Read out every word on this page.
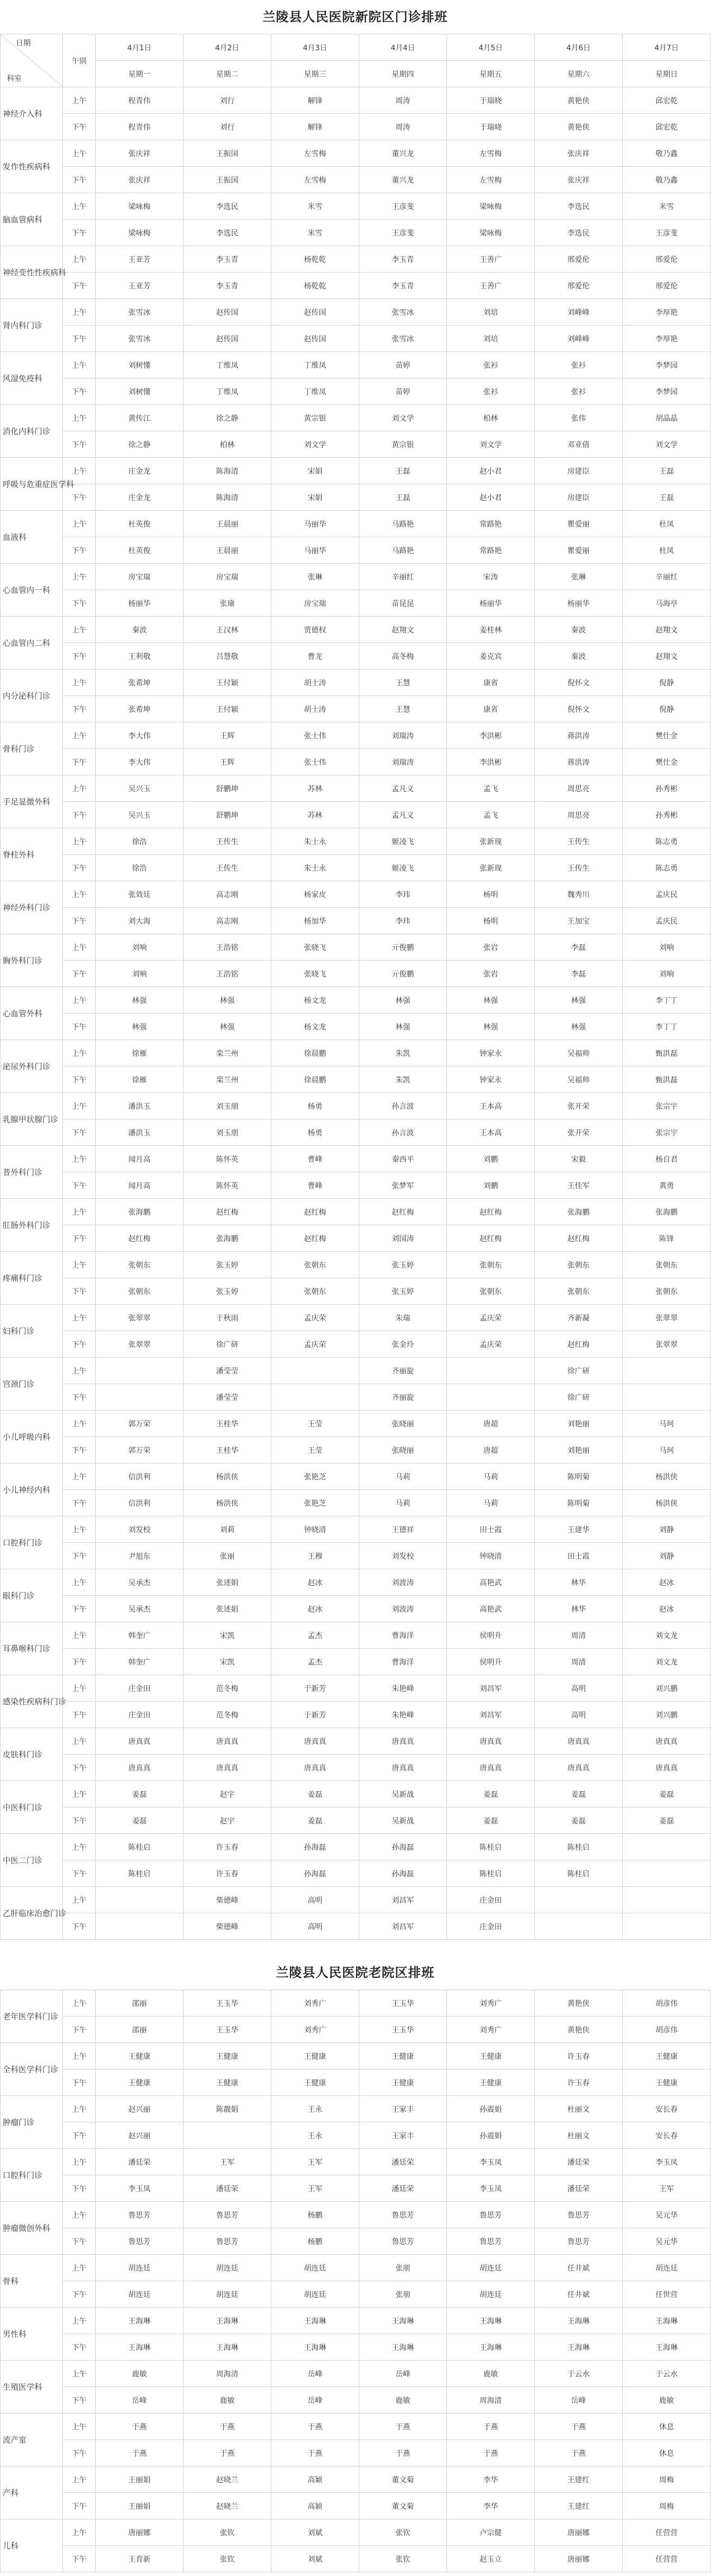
兰陵县人民医院新院区门诊排班
日期
科室	午别	4月1日	4月2日	4月3日	4月4日	4月5日	4月6日	4月7日
		星期一	星期二	星期三	星期四	星期五	星期六	星期日
神经介入科	上午	程青伟	刘行	解锋	周涛	于瑞晓	黄艳侠	邱宏乾
	下午	程青伟	刘行	解锋	周涛	于瑞晓	黄艳侠	邱宏乾
发作性疾病科	上午	张庆祥	王振国	左雪梅	董兴龙	左雪梅	张庆祥	敬乃鑫
	下午	张庆祥	王振国	左雪梅	董兴龙	左雪梅	张庆祥	敬乃鑫
脑血管病科	上午	梁咏梅	李选民	米雪	王彦斐	梁咏梅	李选民	米雪
	下午	梁咏梅	李选民	米雪	王彦斐	梁咏梅	李选民	王彦斐
神经变性性疾病科	上午	王亚芳	李玉青	杨乾乾	李玉青	王善广	邢爱伦	邢爱伦
	下午	王亚芳	李玉青	杨乾乾	李玉青	王善广	邢爱伦	邢爱伦
肾内科门诊	上午	张雪冰	赵传国	赵传国	张雪冰	刘培	刘峰峰	李厚艳
	下午	张雪冰	赵传国	赵传国	张雪冰	刘培	刘峰峰	李厚艳
风湿免疫科	上午	刘树懂	丁维凤	丁维凤	苗婷	张衫	张衫	李梦园
	下午	刘树懂	丁维凤	丁维凤	苗婷	张衫	张衫	李梦园
消化内科门诊	上午	黄传江	徐之静	黄宗银	刘文学	柏林	张伟	胡晶晶
	下午	徐之静	柏林	刘文学	黄宗银	刘文学	邓亚倩	刘文学
呼吸与危重症医学科	上午	庄金龙	陈海清	宋娟	王磊	赵小君	房建臣	王磊
	下午	庄金龙	陈海清	宋娟	王磊	赵小君	房建臣	王磊
血液科	上午	杜英俊	王晨丽	马丽华	马路艳	常路艳	瞿爱丽	杜凤
	下午	杜英俊	王晨丽	马丽华	马路艳	常路艳	瞿爱丽	杜凤
心血管内一科	上午	房宝瑞	房宝瑞	张琳	辛丽红	宋涛	张琳	辛丽红
	下午	杨丽华	张瑜	房宝瑞	苗昆昆	杨丽华	杨丽华	马海亭
心血管内二科	上午	秦波	王汉林	贾德权	赵翔文	姜桂林	秦波	赵翔文
	下午	王利敬	吕慧敬	曹龙	高冬梅	姜克宾	秦波	赵翔文
内分泌科门诊	上午	张希坤	王付颖	胡士涛	王慧	康省	倪怀文	倪静
	下午	张希坤	王付颖	胡士涛	王慧	康省	倪怀文	倪静
骨科门诊	上午	李大伟	王辉	张士伟	刘瑞涛	李洪彬	蒋洪涛	樊仕金
	下午	李大伟	王辉	张士伟	刘瑞涛	李洪彬	蒋洪涛	樊仕金
手足显微外科	上午	吴兴玉	舒鹏坤	苏林	孟凡义	孟飞	周思亮	孙秀彬
	下午	吴兴玉	舒鹏坤	苏林	孟凡义	孟飞	周思亮	孙秀彬
脊柱外科	上午	徐浩	王传生	朱士永	姬凌飞	张新现	王传生	陈志勇
	下午	徐浩	王传生	朱士永	姬凌飞	张新现	王传生	陈志勇
神经外科门诊	上午	张效廷	高志刚	杨家皮	李玮	杨明	魏秀川	孟庆民
	下午	刘大海	高志刚	杨加华	李玮	杨明	王加宝	孟庆民
胸外科门诊	上午	刘响	王浩铭	张晓飞	亓俊鹏	张岩	李磊	刘响
	下午	刘响	王浩铭	张晓飞	亓俊鹏	张岩	李磊	刘响
心血管外科	上午	林强	林强	杨文龙	林强	林强	林强	李丁丁
	下午	林强	林强	杨文龙	林强	林强	林强	李丁丁
泌尿外科门诊	上午	徐雁	栾兰州	徐晨鹏	朱凯	钟家永	吴福帅	甄洪磊
	下午	徐雁	栾兰州	徐晨鹏	朱凯	钟家永	吴福帅	甄洪磊
乳腺甲状腺门诊	上午	潘洪玉	刘玉朋	杨勇	孙言波	王本高	张开荣	张宗宇
	下午	潘洪玉	刘玉朋	杨勇	孙言波	王本高	张开荣	张宗宇
普外科门诊	上午	闻月高	陈怀英	曹峰	秦西平	刘鹏	宋毅	杨自君
	下午	闻月高	陈怀英	曹峰	张梦军	刘鹏	王佳军	黄勇
肛肠外科门诊	上午	张海鹏	赵红梅	赵红梅	赵红梅	赵红梅	张海鹏	张海鹏
	下午	赵红梅	张海鹏	赵红梅	刘国涛	赵红梅	赵红梅	陈锋
疼痛科门诊	上午	张朝东	张玉婷	张朝东	张玉婷	张朝东	张朝东	张朝东
	下午	张朝东	张玉婷	张朝东	张玉婷	张朝东	张朝东	张朝东
妇科门诊	上午	张翠翠	于秋雨	孟庆荣	朱瑞	孟庆荣	齐新凝	张翠翠
	下午	张翠翠	徐广研	孟庆荣	张金玲	孟庆荣	赵红梅	张翠翠
宫颈门诊	上午		潘莹莹		齐丽旋		徐广研	
	下午		潘莹莹		齐丽旋		徐广研	
小儿呼吸内科	上午	郭万荣	王桂华	王莹	张晓丽	唐超	刘艳丽	马珂
	下午	郭万荣	王桂华	王莹	张晓丽	唐超	刘艳丽	马珂
小儿神经内科	上午	信洪利	杨洪侠	张艳芝	马莉	马莉	陈明菊	杨洪侠
	下午	信洪利	杨洪侠	张艳芝	马莉	马莉	陈明菊	杨洪侠
口腔科门诊	上午	刘发校	刘莉	钟晓清	王德祥	田士霞	王建华	刘静
	下午	尹旭东	张丽	王穆	刘发校	钟晓清	田士霞	刘静
眼科门诊	上午	吴承杰	张述娟	赵冰	刘波涛	高艳武	林华	赵冰
	下午	吴承杰	张述娟	赵冰	刘波涛	高艳武	林华	赵冰
耳鼻喉科门诊	上午	韩奎广	宋凯	孟杰	曹海洋	侯明升	周清	刘文龙
	下午	韩奎广	宋凯	孟杰	曹海洋	侯明升	周清	刘文龙
感染性疾病科门诊	上午	庄金田	范冬梅	于新芳	朱艳峰	刘昌军	高明	刘兴鹏
	下午	庄金田	范冬梅	于新芳	朱艳峰	刘昌军	高明	刘兴鹏
皮肤科门诊	上午	唐真真	唐真真	唐真真	唐真真	唐真真	唐真真	唐真真
	下午	唐真真	唐真真	唐真真	唐真真	唐真真	唐真真	唐真真
中医科门诊	上午	姜磊	赵宇	姜磊	吴新战	姜磊	姜磊	姜磊
	下午	姜磊	赵宇	姜磊	吴新战	姜磊	姜磊	姜磊
中医二门诊	上午	陈桂启	许玉春	孙海磊	孙海磊	陈桂启	陈桂启	
	下午	陈桂启	许玉春	孙海磊	孙海磊	陈桂启	陈桂启	
乙肝临床治愈门诊	上午		柴德峰	高明	刘昌军	庄金田		
	下午		柴德峰	高明	刘昌军	庄金田		
兰陵县人民医院老院区排班
老年医学科门诊	上午	邵丽	王玉华	刘秀广	王玉华	刘秀广	黄艳侠	胡彦伟
	下午	邵丽	王玉华	刘秀广	王玉华	刘秀广	黄艳侠	胡彦伟
全科医学科门诊	上午	王健康	王健康	王健康	王健康	王健康	许玉春	王健康
	下午	王健康	王健康	王健康	王健康	王健康	许玉春	王健康
肿瘤门诊	上午	赵兴丽	陈靓娟	王永	王家丰	孙震娟	杜丽文	安长春
	下午	赵兴丽		王永	王家丰	孙震娟	杜丽文	安长春
口腔科门诊	上午	潘廷荣	王军	王军	潘廷荣	李玉凤	潘廷荣	李玉凤
	下午	李玉凤	潘廷荣	王军	潘廷荣	李玉凤	潘廷荣	王军
肿瘤微创外科	上午	鲁思芳	鲁思芳	杨鹏	鲁思芳	鲁思芳	鲁思芳	吴元华
	下午	鲁思芳	鲁思芳	杨鹏	鲁思芳	鲁思芳	鲁思芳	吴元华
骨科	上午	胡连廷	胡连廷	胡连廷	张朋	胡连廷	任井斌	胡连廷
	下午	胡连廷	胡连廷	胡连廷	张朋	胡连廷	任井斌	任世营
男性科	上午	王海琳	王海琳	王海琳	王海琳	王海琳	王海琳	王海琳
	下午	王海琳	王海琳	王海琳	王海琳	王海琳	王海琳	王海琳
生殖医学科	上午	鹿敏	周海清	岳峰	岳峰	鹿敏	于云水	于云水
	下午	岳峰	鹿敏	岳峰	鹿敏	周海清	岳峰	鹿敏
流产室	上午	于燕	于燕	于燕	于燕	于燕	于燕	休息
	下午	于燕	于燕	于燕	于燕	于燕	于燕	休息
产科	上午	王丽娟	赵晓兰	高颖	董文菊	李华	王建红	周梅
	下午	王丽娟	赵晓兰	高颖	董文菊	李华	王建红	周梅
儿科	上午	唐丽娜	张钦	刘斌	张钦	卢宗健	唐丽娜	任营营
	下午	王育新	张钦	刘斌	张钦	赵玉立	唐丽娜	任营营
